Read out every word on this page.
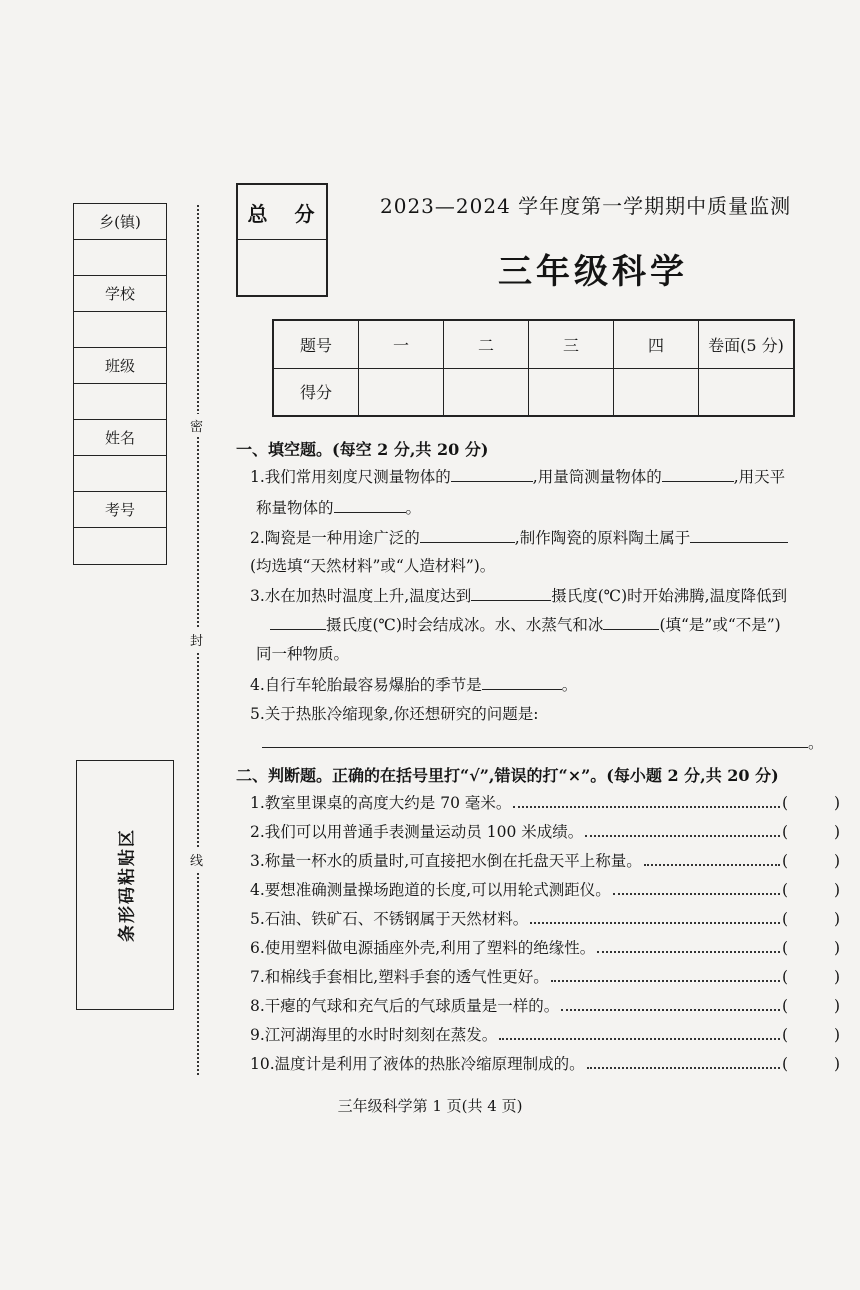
乡(镇)
学校
班级
姓名
考号
条形码粘贴区
密
封
线
总 分	2023—2024 学年度第一学期期中质量监测
三年级科学
题号	一	二	三	四	卷面(5 分)
得分					
一、填空题。(每空 2 分,共 20 分)
1.我们常用刻度尺测量物体的	,用量筒测量物体的	,用天平
称量物体的	。
2.陶瓷是一种用途广泛的	,制作陶瓷的原料陶土属于
(均选填“天然材料”或“人造材料”)。
3.水在加热时温度上升,温度达到	摄氏度(℃)时开始沸腾,温度降低到
摄氏度(℃)时会结成冰。水、水蒸气和冰	(填“是”或“不是”)
同一种物质。
4.自行车轮胎最容易爆胎的季节是	。
5.关于热胀冷缩现象,你还想研究的问题是:
。
二、判断题。正确的在括号里打“√”,错误的打“×”。(每小题 2 分,共 20 分)
1.教室里课桌的高度大约是 70 毫米。	(	)
2.我们可以用普通手表测量运动员 100 米成绩。	(	)
3.称量一杯水的质量时,可直接把水倒在托盘天平上称量。	(	)
4.要想准确测量操场跑道的长度,可以用轮式测距仪。	(	)
5.石油、铁矿石、不锈钢属于天然材料。	(	)
6.使用塑料做电源插座外壳,利用了塑料的绝缘性。	(	)
7.和棉线手套相比,塑料手套的透气性更好。	(	)
8.干瘪的气球和充气后的气球质量是一样的。	(	)
9.江河湖海里的水时时刻刻在蒸发。	(	)
10.温度计是利用了液体的热胀冷缩原理制成的。	(	)
三年级科学第 1 页(共 4 页)
